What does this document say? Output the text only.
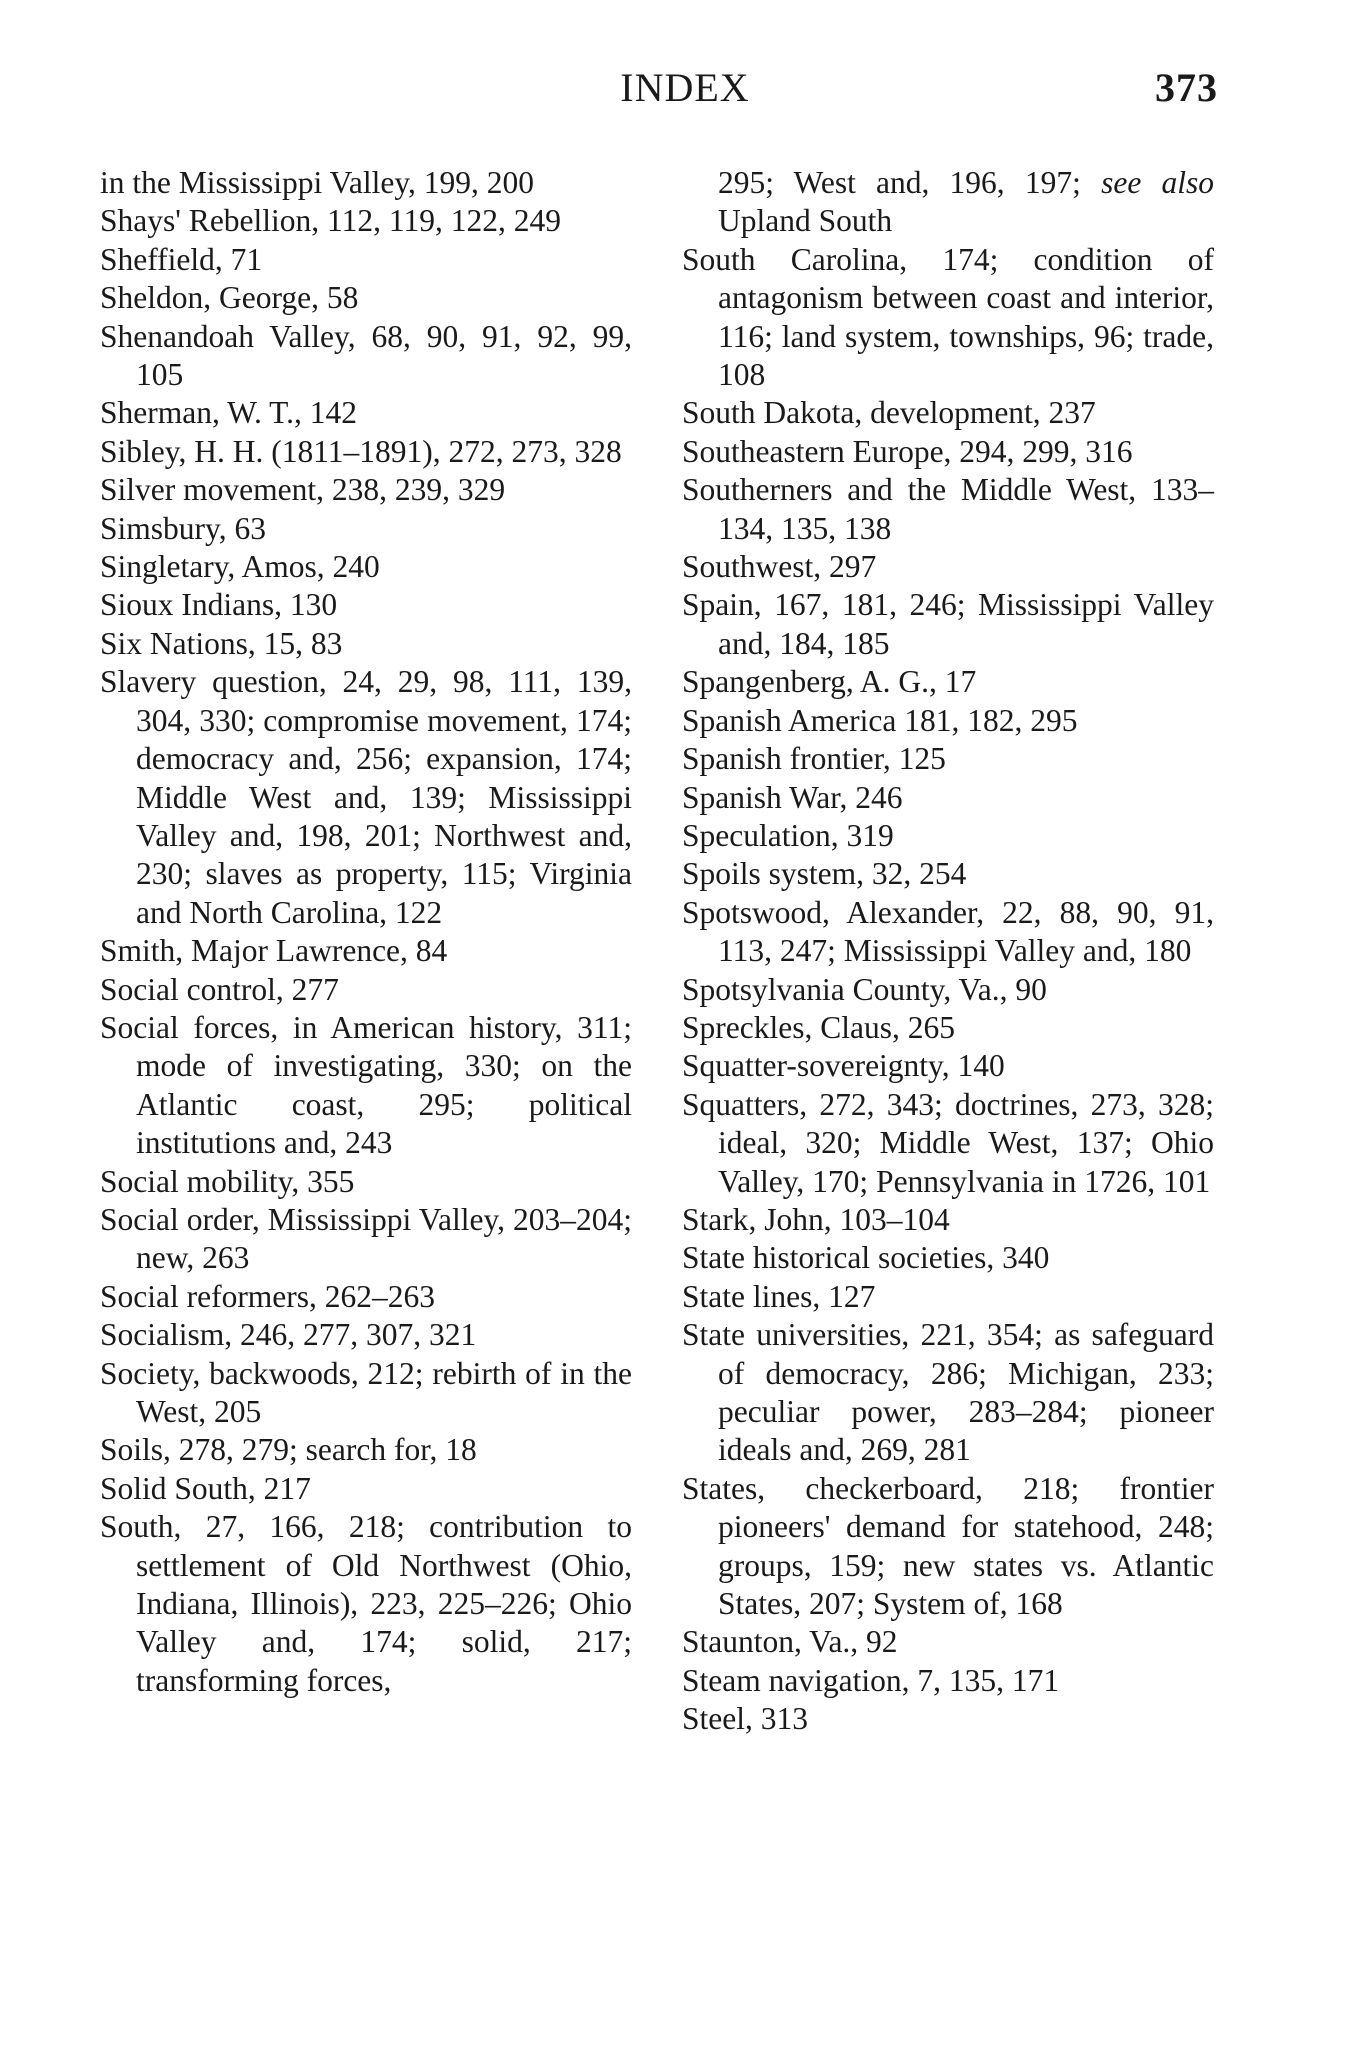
INDEX	373

in the Mississippi Valley, 199, 200

Shays' Rebellion, 112, 119, 122, 249

Sheffield, 71

Sheldon, George, 58

Shenandoah Valley, 68, 90, 91, 92, 99, 105

Sherman, W. T., 142

Sibley, H. H. (1811–1891), 272, 273, 328

Silver movement, 238, 239, 329

Simsbury, 63

Singletary, Amos, 240

Sioux Indians, 130

Six Nations, 15, 83

Slavery question, 24, 29, 98, 111, 139, 304, 330; compromise movement, 174; democracy and, 256; expansion, 174; Middle West and, 139; Mississippi Valley and, 198, 201; Northwest and, 230; slaves as property, 115; Virginia and North Carolina, 122

Smith, Major Lawrence, 84

Social control, 277

Social forces, in American history, 311; mode of investigating, 330; on the Atlantic coast, 295; political institutions and, 243

Social mobility, 355

Social order, Mississippi Valley, 203–204; new, 263

Social reformers, 262–263

Socialism, 246, 277, 307, 321

Society, backwoods, 212; rebirth of in the West, 205

Soils, 278, 279; search for, 18

Solid South, 217

South, 27, 166, 218; contribution to settlement of Old Northwest (Ohio, Indiana, Illinois), 223, 225–226; Ohio Valley and, 174; solid, 217; transforming forces,

295; West and, 196, 197; see also Upland South

South Carolina, 174; condition of antagonism between coast and interior, 116; land system, townships, 96; trade, 108

South Dakota, development, 237

Southeastern Europe, 294, 299, 316

Southerners and the Middle West, 133–134, 135, 138

Southwest, 297

Spain, 167, 181, 246; Mississippi Valley and, 184, 185

Spangenberg, A. G., 17

Spanish America 181, 182, 295

Spanish frontier, 125

Spanish War, 246

Speculation, 319

Spoils system, 32, 254

Spotswood, Alexander, 22, 88, 90, 91, 113, 247; Mississippi Valley and, 180

Spotsylvania County, Va., 90

Spreckles, Claus, 265

Squatter-sovereignty, 140

Squatters, 272, 343; doctrines, 273, 328; ideal, 320; Middle West, 137; Ohio Valley, 170; Pennsylvania in 1726, 101

Stark, John, 103–104

State historical societies, 340

State lines, 127

State universities, 221, 354; as safeguard of democracy, 286; Michigan, 233; peculiar power, 283–284; pioneer ideals and, 269, 281

States, checkerboard, 218; frontier pioneers' demand for statehood, 248; groups, 159; new states vs. Atlantic States, 207; System of, 168

Staunton, Va., 92

Steam navigation, 7, 135, 171

Steel, 313
